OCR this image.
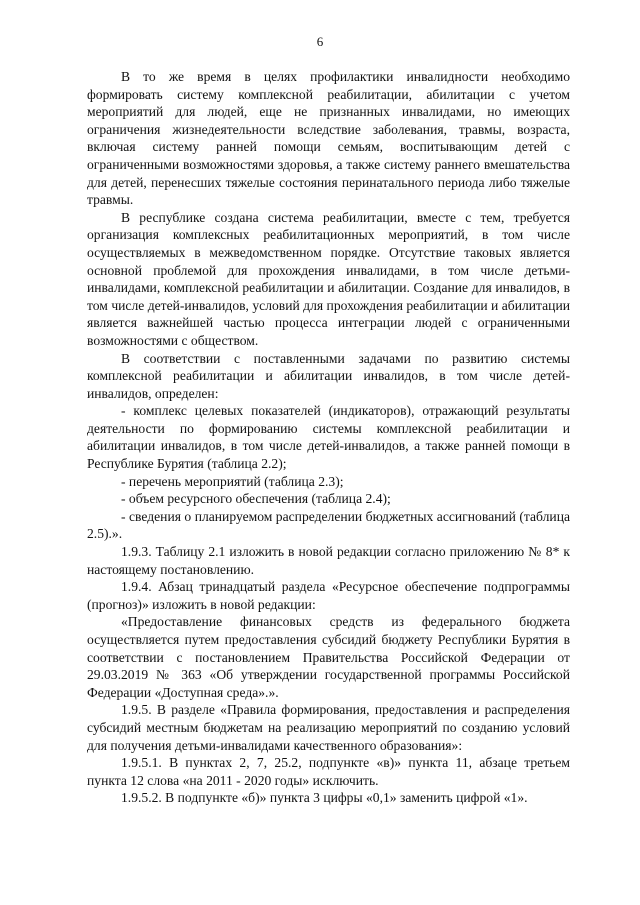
6

В то же время в целях профилактики инвалидности необходимо формировать систему комплексной реабилитации, абилитации с учетом мероприятий для людей, еще не признанных инвалидами, но имеющих ограничения жизнедеятельности вследствие заболевания, травмы, возраста, включая систему ранней помощи семьям, воспитывающим детей с ограниченными возможностями здоровья, а также систему раннего вмешательства для детей, перенесших тяжелые состояния перинатального периода либо тяжелые травмы.

В республике создана система реабилитации, вместе с тем, требуется организация комплексных реабилитационных мероприятий, в том числе осуществляемых в межведомственном порядке. Отсутствие таковых является основной проблемой для прохождения инвалидами, в том числе детьми-инвалидами, комплексной реабилитации и абилитации. Создание для инвалидов, в том числе детей-инвалидов, условий для прохождения реабилитации и абилитации является важнейшей частью процесса интеграции людей с ограниченными возможностями с обществом.

В соответствии с поставленными задачами по развитию системы комплексной реабилитации и абилитации инвалидов, в том числе детей-инвалидов, определен:

- комплекс целевых показателей (индикаторов), отражающий результаты деятельности по формированию системы комплексной реабилитации и абилитации инвалидов, в том числе детей-инвалидов, а также ранней помощи в Республике Бурятия (таблица 2.2);

- перечень мероприятий (таблица 2.3);

- объем ресурсного обеспечения (таблица 2.4);

- сведения о планируемом распределении бюджетных ассигнований (таблица 2.5).».

1.9.3. Таблицу 2.1 изложить в новой редакции согласно приложению № 8* к настоящему постановлению.

1.9.4. Абзац тринадцатый раздела «Ресурсное обеспечение подпрограммы (прогноз)» изложить в новой редакции:

«Предоставление финансовых средств из федерального бюджета осуществляется путем предоставления субсидий бюджету Республики Бурятия в соответствии с постановлением Правительства Российской Федерации от 29.03.2019 № 363 «Об утверждении государственной программы Российской Федерации «Доступная среда».».

1.9.5. В разделе «Правила формирования, предоставления и распределения субсидий местным бюджетам на реализацию мероприятий по созданию условий для получения детьми-инвалидами качественного образования»:

1.9.5.1. В пунктах 2, 7, 25.2, подпункте «в)» пункта 11, абзаце третьем пункта 12 слова «на 2011 - 2020 годы» исключить.

1.9.5.2. В подпункте «б)» пункта 3 цифры «0,1» заменить цифрой «1».
